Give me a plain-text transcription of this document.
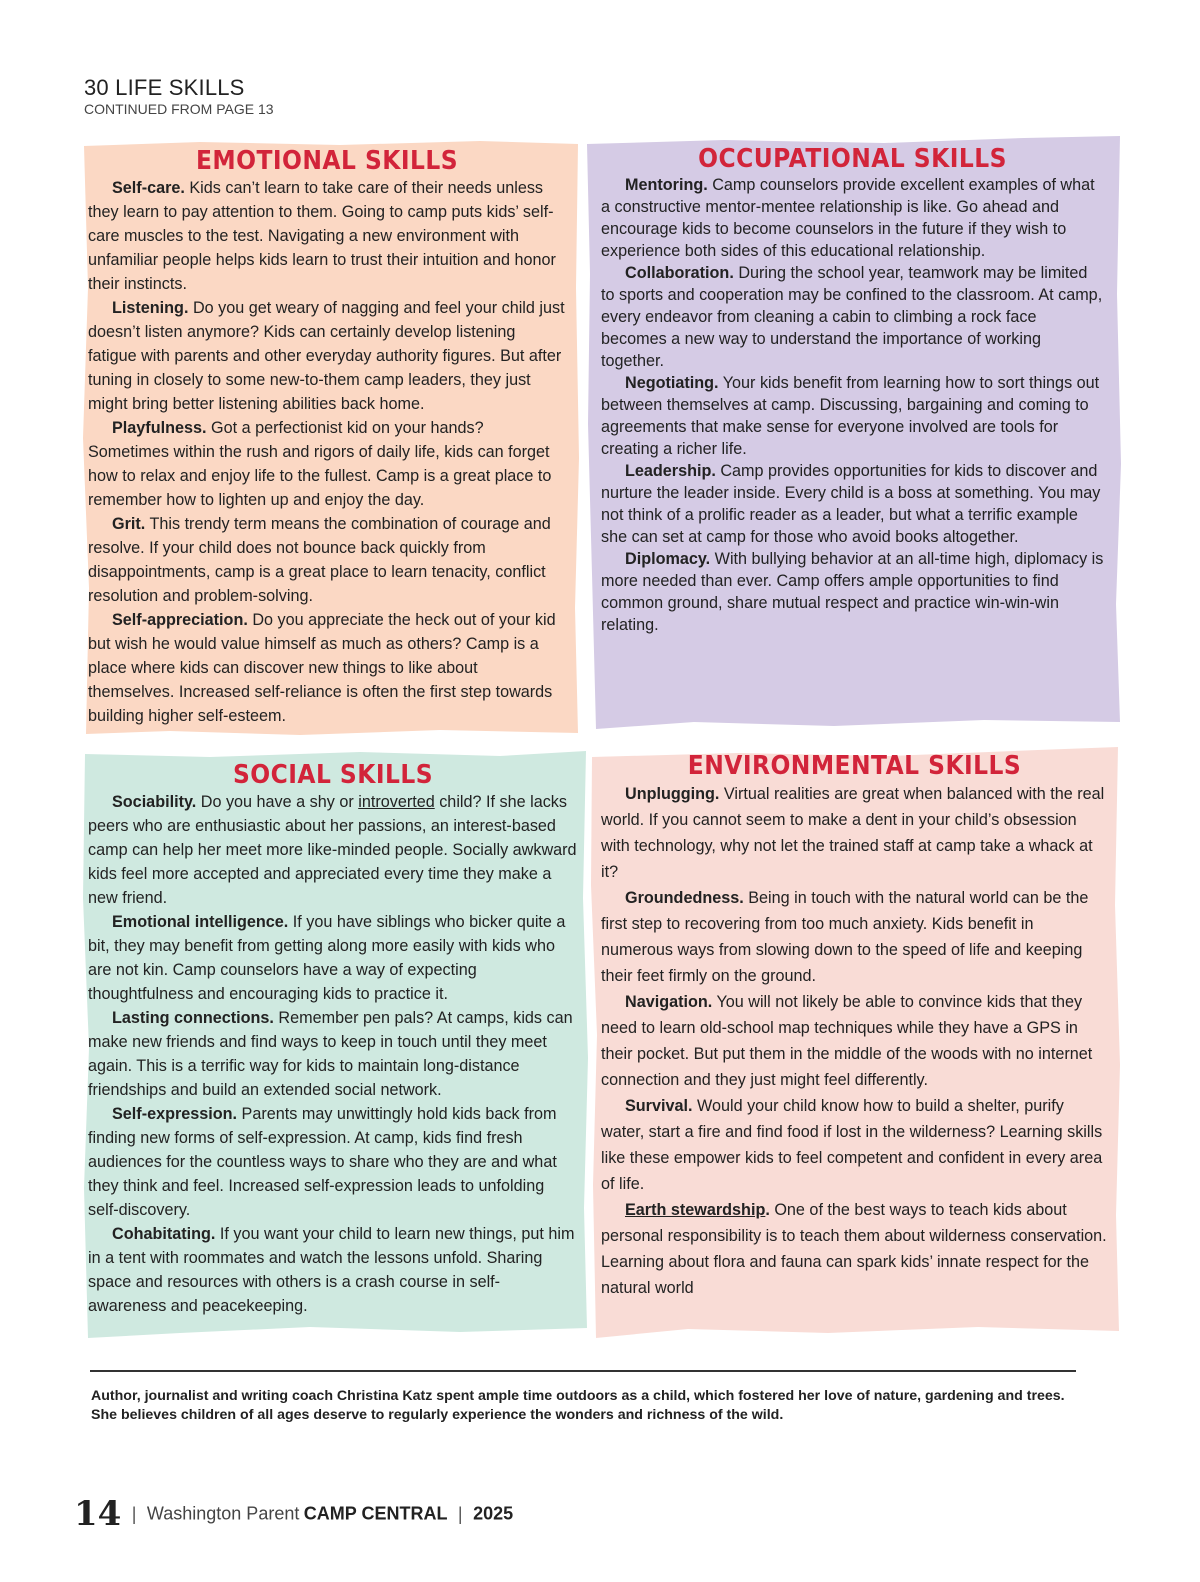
30 LIFE SKILLS
CONTINUED FROM PAGE 13
EMOTIONAL SKILLS

Self-care. Kids can’t learn to take care of their needs unless they learn to pay attention to them. Going to camp puts kids’ self-care muscles to the test. Navigating a new environment with unfamiliar people helps kids learn to trust their intuition and honor their instincts.

Listening. Do you get weary of nagging and feel your child just doesn’t listen anymore? Kids can certainly develop listening fatigue with parents and other everyday authority figures. But after tuning in closely to some new-to-them camp leaders, they just might bring better listening abilities back home.

Playfulness. Got a perfectionist kid on your hands? Sometimes within the rush and rigors of daily life, kids can forget how to relax and enjoy life to the fullest. Camp is a great place to remember how to lighten up and enjoy the day.

Grit. This trendy term means the combination of courage and resolve. If your child does not bounce back quickly from disappointments, camp is a great place to learn tenacity, conflict resolution and problem-solving.

Self-appreciation. Do you appreciate the heck out of your kid but wish he would value himself as much as others? Camp is a place where kids can discover new things to like about themselves. Increased self-reliance is often the first step towards building higher self-esteem.

OCCUPATIONAL SKILLS

Mentoring. Camp counselors provide excellent examples of what a constructive mentor-mentee relationship is like. Go ahead and encourage kids to become counselors in the future if they wish to experience both sides of this educational relationship.

Collaboration. During the school year, teamwork may be limited to sports and cooperation may be confined to the classroom. At camp, every endeavor from cleaning a cabin to climbing a rock face becomes a new way to understand the importance of working together.

Negotiating. Your kids benefit from learning how to sort things out between themselves at camp. Discussing, bargaining and coming to agreements that make sense for everyone involved are tools for creating a richer life.

Leadership. Camp provides opportunities for kids to discover and nurture the leader inside. Every child is a boss at something. You may not think of a prolific reader as a leader, but what a terrific example she can set at camp for those who avoid books altogether.

Diplomacy. With bullying behavior at an all-time high, diplomacy is more needed than ever. Camp offers ample opportunities to find common ground, share mutual respect and practice win-win-win relating.

SOCIAL SKILLS

Sociability. Do you have a shy or introverted child? If she lacks peers who are enthusiastic about her passions, an interest-based camp can help her meet more like-minded people. Socially awkward kids feel more accepted and appreciated every time they make a new friend.

Emotional intelligence. If you have siblings who bicker quite a bit, they may benefit from getting along more easily with kids who are not kin. Camp counselors have a way of expecting thoughtfulness and encouraging kids to practice it.

Lasting connections. Remember pen pals? At camps, kids can make new friends and find ways to keep in touch until they meet again. This is a terrific way for kids to maintain long-distance friendships and build an extended social network.

Self-expression. Parents may unwittingly hold kids back from finding new forms of self-expression. At camp, kids find fresh audiences for the countless ways to share who they are and what they think and feel. Increased self-expression leads to unfolding self-discovery.

Cohabitating. If you want your child to learn new things, put him in a tent with roommates and watch the lessons unfold. Sharing space and resources with others is a crash course in self-awareness and peacekeeping.

ENVIRONMENTAL SKILLS

Unplugging. Virtual realities are great when balanced with the real world. If you cannot seem to make a dent in your child’s obsession with technology, why not let the trained staff at camp take a whack at it?

Groundedness. Being in touch with the natural world can be the first step to recovering from too much anxiety. Kids benefit in numerous ways from slowing down to the speed of life and keeping their feet firmly on the ground.

Navigation. You will not likely be able to convince kids that they need to learn old-school map techniques while they have a GPS in their pocket. But put them in the middle of the woods with no internet connection and they just might feel differently.

Survival. Would your child know how to build a shelter, purify water, start a fire and find food if lost in the wilderness? Learning skills like these empower kids to feel competent and confident in every area of life.

Earth stewardship. One of the best ways to teach kids about personal responsibility is to teach them about wilderness conservation. Learning about flora and fauna can spark kids’ innate respect for the natural world

Author, journalist and writing coach Christina Katz spent ample time outdoors as a child, which fostered her love of nature, gardening and trees. She believes children of all ages deserve to regularly experience the wonders and richness of the wild.
14 | Washington Parent CAMP CENTRAL | 2025
